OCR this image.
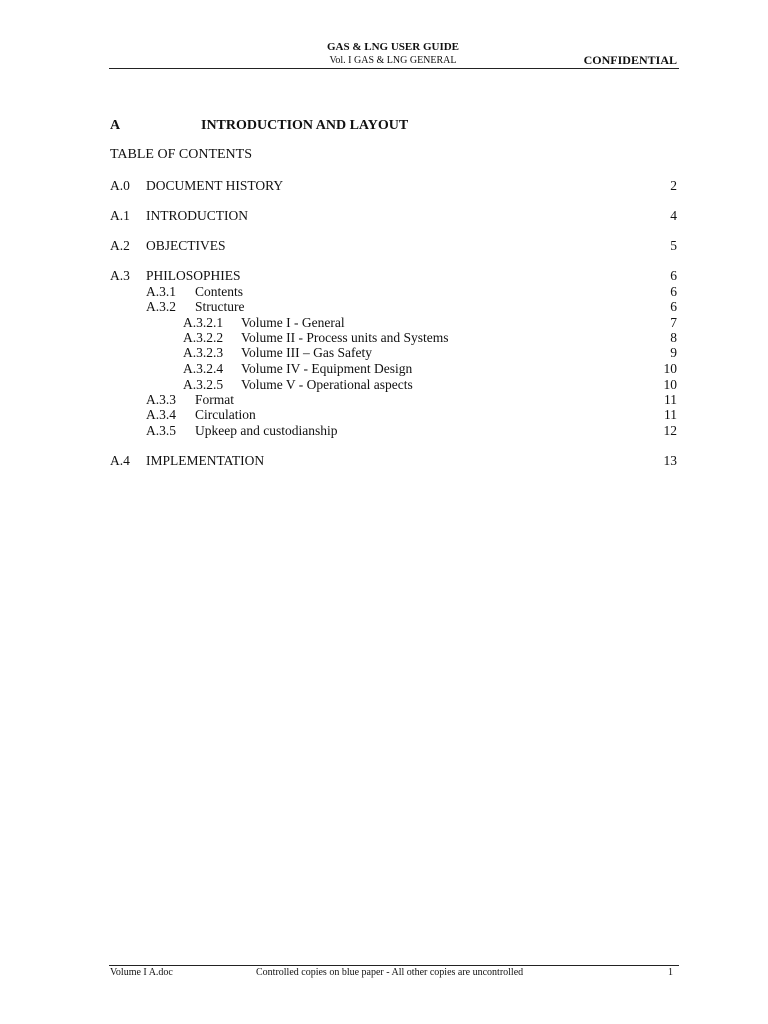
GAS & LNG USER GUIDE
Vol. I GAS & LNG GENERAL	CONFIDENTIAL
A	INTRODUCTION AND LAYOUT
TABLE OF CONTENTS
A.0 DOCUMENT HISTORY	2
A.1 INTRODUCTION	4
A.2 OBJECTIVES	5
A.3 PHILOSOPHIES	6
A.3.1 Contents	6
A.3.2 Structure	6
A.3.2.1 Volume I - General	7
A.3.2.2 Volume II - Process units and Systems	8
A.3.2.3 Volume III – Gas Safety	9
A.3.2.4 Volume IV - Equipment Design	10
A.3.2.5 Volume V - Operational aspects	10
A.3.3 Format	11
A.3.4 Circulation	11
A.3.5 Upkeep and custodianship	12
A.4 IMPLEMENTATION	13
Volume I A.doc	Controlled copies on blue paper - All other copies are uncontrolled	1
